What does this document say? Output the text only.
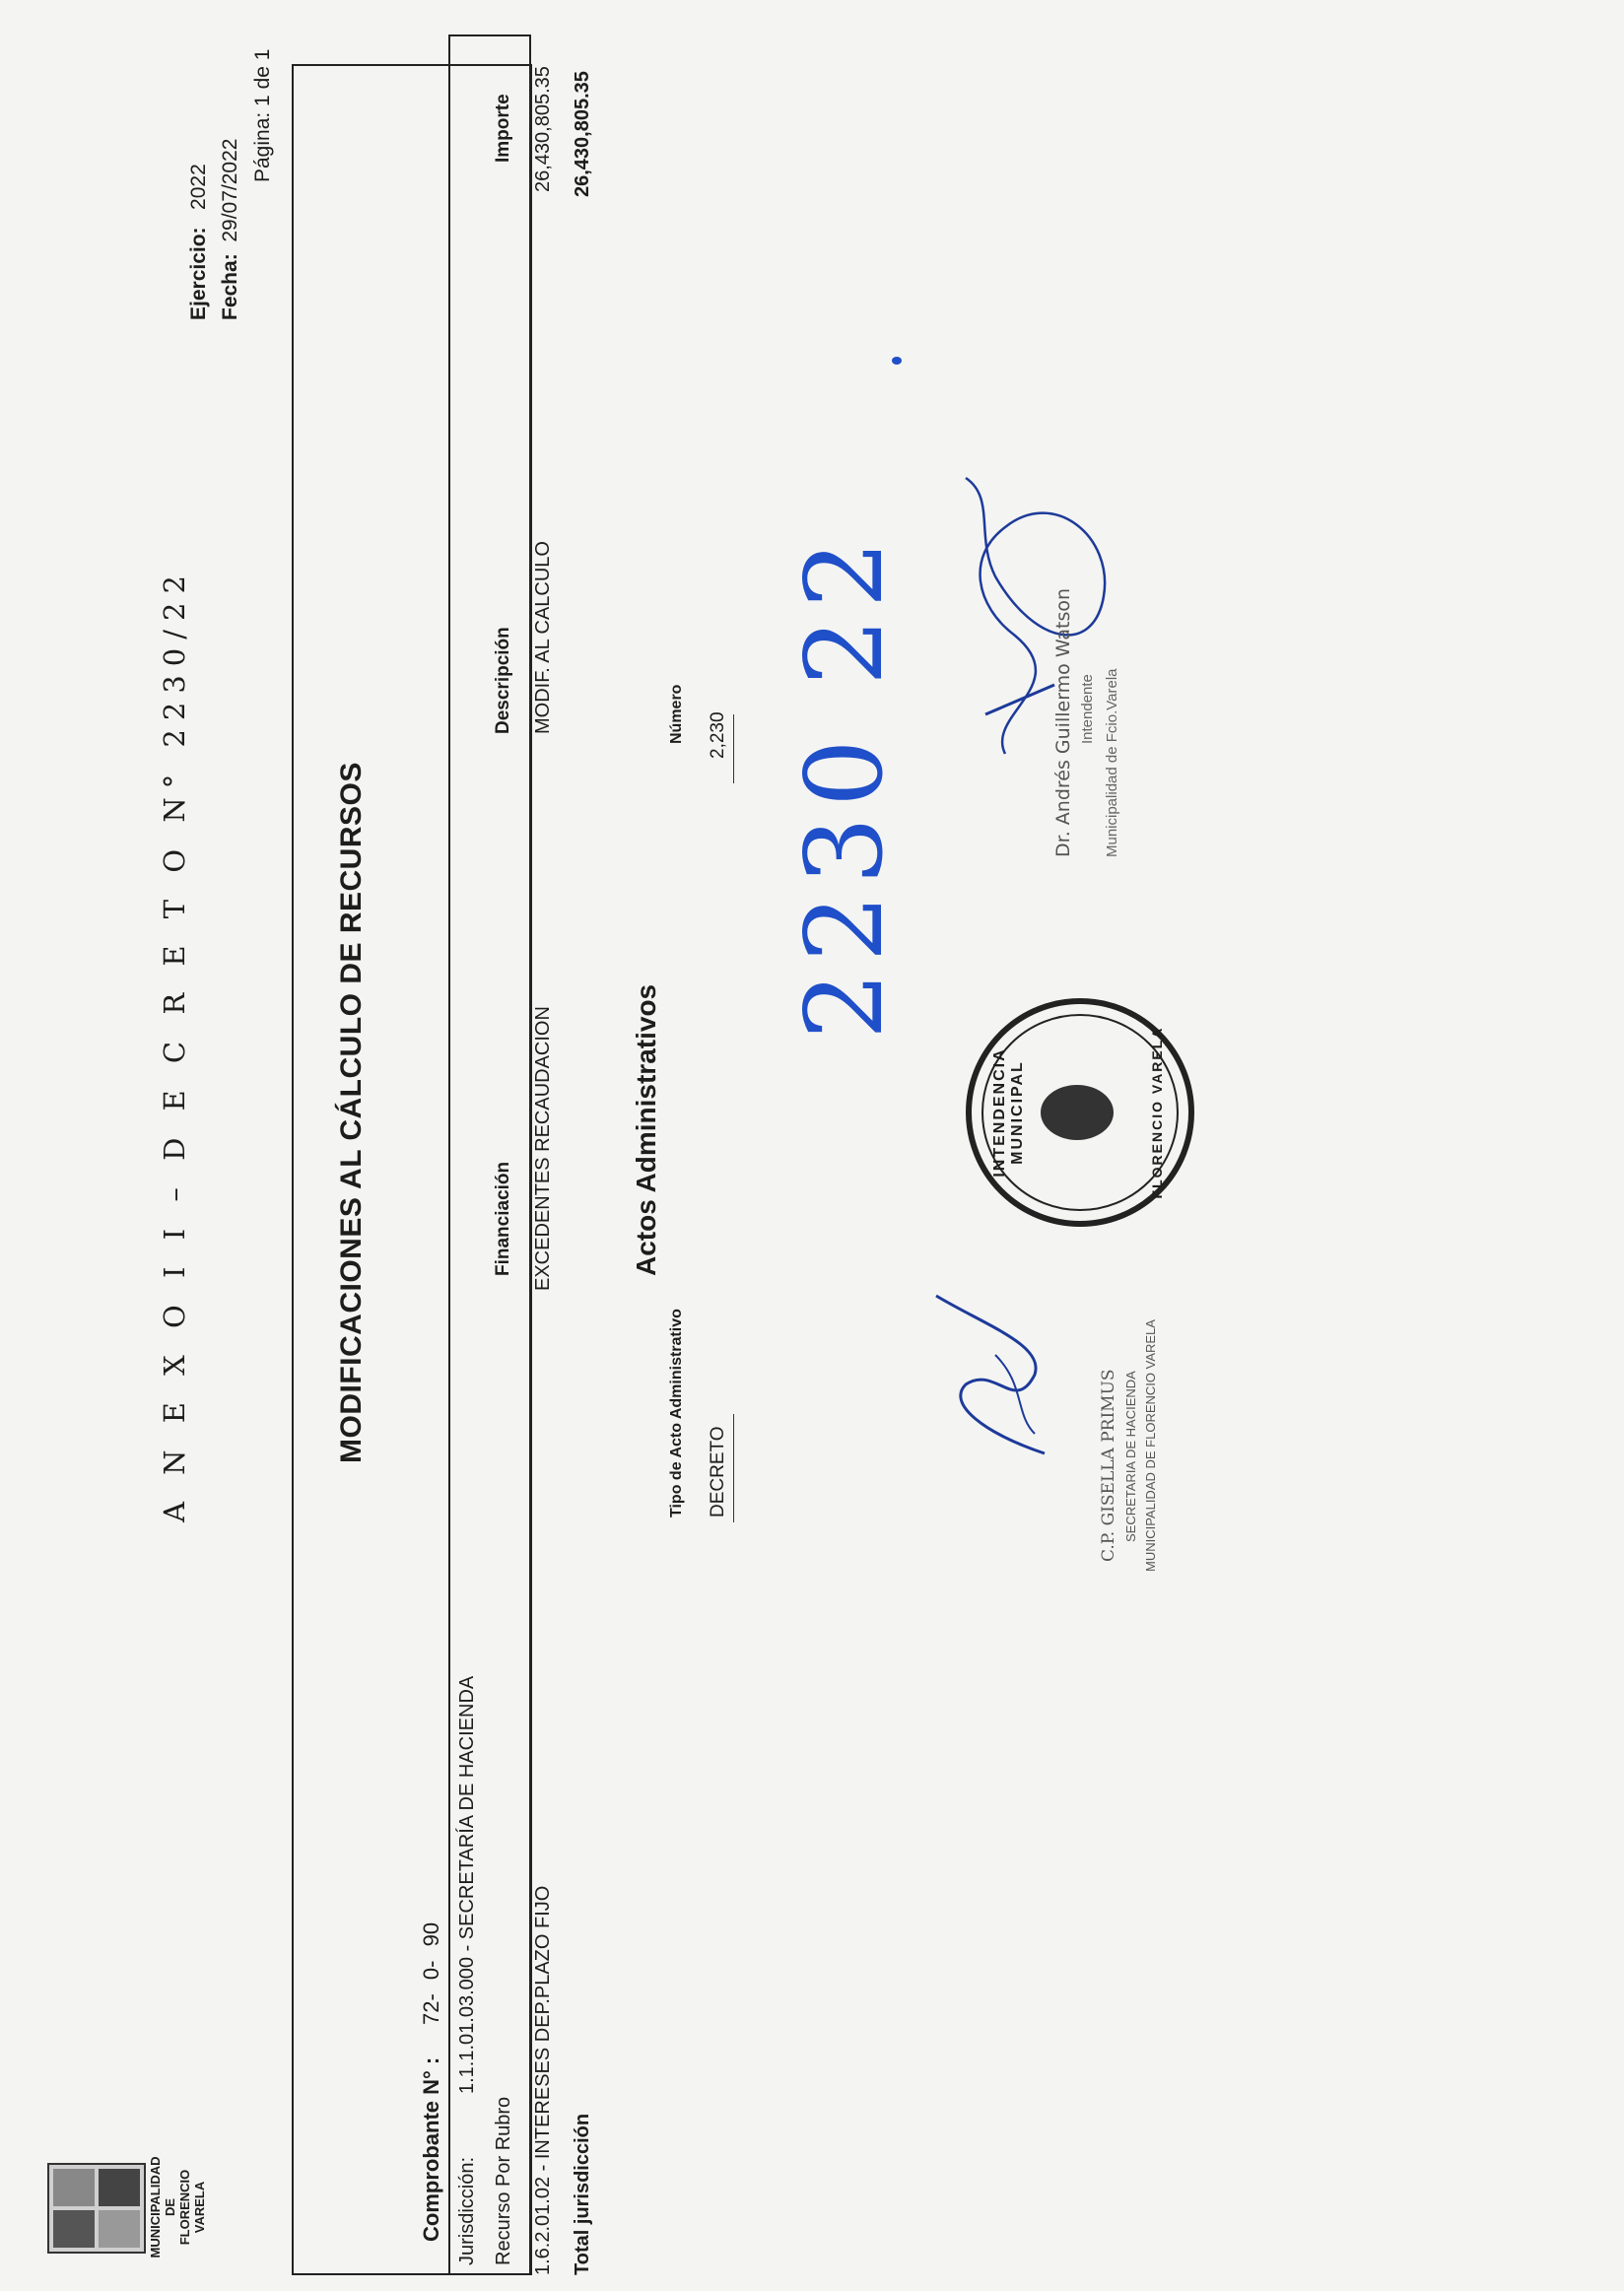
MUNICIPALIDAD DE FLORENCIO VARELA
A N E X O I I – D E C R E T O N° 2230/22
Ejercicio:   2022
Fecha:  29/07/2022
Página: 1 de 1
MODIFICACIONES AL CÁLCULO DE RECURSOS
Comprobante N° :
72- 0- 90
Jurisdicción:
1.1.1.01.03.000 - SECRETARÍA DE HACIENDA
Recurso Por Rubro
Financiación
Descripción
Importe
1.6.2.01.02 - INTERESES DEP.PLAZO FIJO
EXCEDENTES RECAUDACION
MODIF. AL CALCULO
26,430,805.35
Total jurisdicción
26,430,805.35
Actos Administrativos
Tipo de Acto Administrativo
Número
DECRETO
2,230 2230 22
INTENDENCIA MUNICIPAL	FLORENCIO VARELA
C.P. GISELLA PRIMUS SECRETARIA DE HACIENDA MUNICIPALIDAD DE FLORENCIO VARELA
Dr. Andrés Guillermo Watson Intendente Municipalidad de Fcio.Varela
